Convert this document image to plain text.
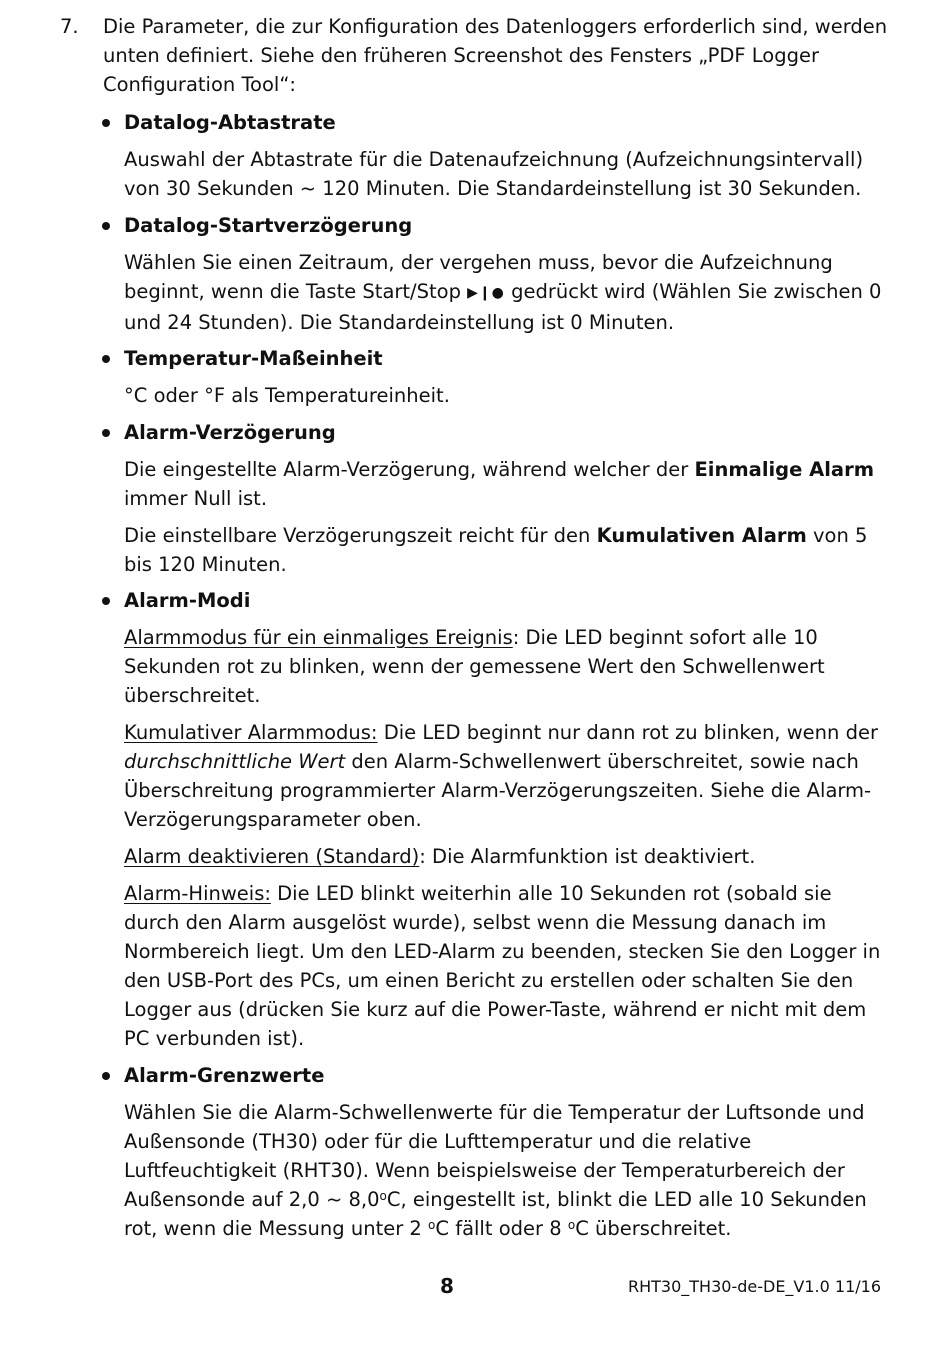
7. Die Parameter, die zur Konfiguration des Datenloggers erforderlich sind, werden unten definiert. Siehe den früheren Screenshot des Fensters „PDF Logger Configuration Tool“:
Datalog-Abtastrate
Auswahl der Abtastrate für die Datenaufzeichnung (Aufzeichnungsintervall) von 30 Sekunden ~ 120 Minuten. Die Standardeinstellung ist 30 Sekunden.
Datalog-Startverzögerung
Wählen Sie einen Zeitraum, der vergehen muss, bevor die Aufzeichnung beginnt, wenn die Taste Start/Stop ▶❙● gedrückt wird (Wählen Sie zwischen 0 und 24 Stunden). Die Standardeinstellung ist 0 Minuten.
Temperatur-Maßeinheit
°C oder °F als Temperatureinheit.
Alarm-Verzögerung
Die eingestellte Alarm-Verzögerung, während welcher der Einmalige Alarm immer Null ist.
Die einstellbare Verzögerungszeit reicht für den Kumulativen Alarm von 5 bis 120 Minuten.
Alarm-Modi
Alarmmodus für ein einmaliges Ereignis: Die LED beginnt sofort alle 10 Sekunden rot zu blinken, wenn der gemessene Wert den Schwellenwert überschreitet.
Kumulativer Alarmmodus: Die LED beginnt nur dann rot zu blinken, wenn der durchschnittliche Wert den Alarm-Schwellenwert überschreitet, sowie nach Überschreitung programmierter Alarm-Verzögerungszeiten. Siehe die Alarm-Verzögerungsparameter oben.
Alarm deaktivieren (Standard): Die Alarmfunktion ist deaktiviert.
Alarm-Hinweis: Die LED blinkt weiterhin alle 10 Sekunden rot (sobald sie durch den Alarm ausgelöst wurde), selbst wenn die Messung danach im Normbereich liegt. Um den LED-Alarm zu beenden, stecken Sie den Logger in den USB-Port des PCs, um einen Bericht zu erstellen oder schalten Sie den Logger aus (drücken Sie kurz auf die Power-Taste, während er nicht mit dem PC verbunden ist).
Alarm-Grenzwerte
Wählen Sie die Alarm-Schwellenwerte für die Temperatur der Luftsonde und Außensonde (TH30) oder für die Lufttemperatur und die relative Luftfeuchtigkeit (RHT30). Wenn beispielsweise der Temperaturbereich der Außensonde auf 2,0 ~ 8,0$^o$C, eingestellt ist, blinkt die LED alle 10 Sekunden rot, wenn die Messung unter 2 $^o$C fällt oder 8 $^o$C überschreitet.
8	RHT30_TH30-de-DE_V1.0 11/16
